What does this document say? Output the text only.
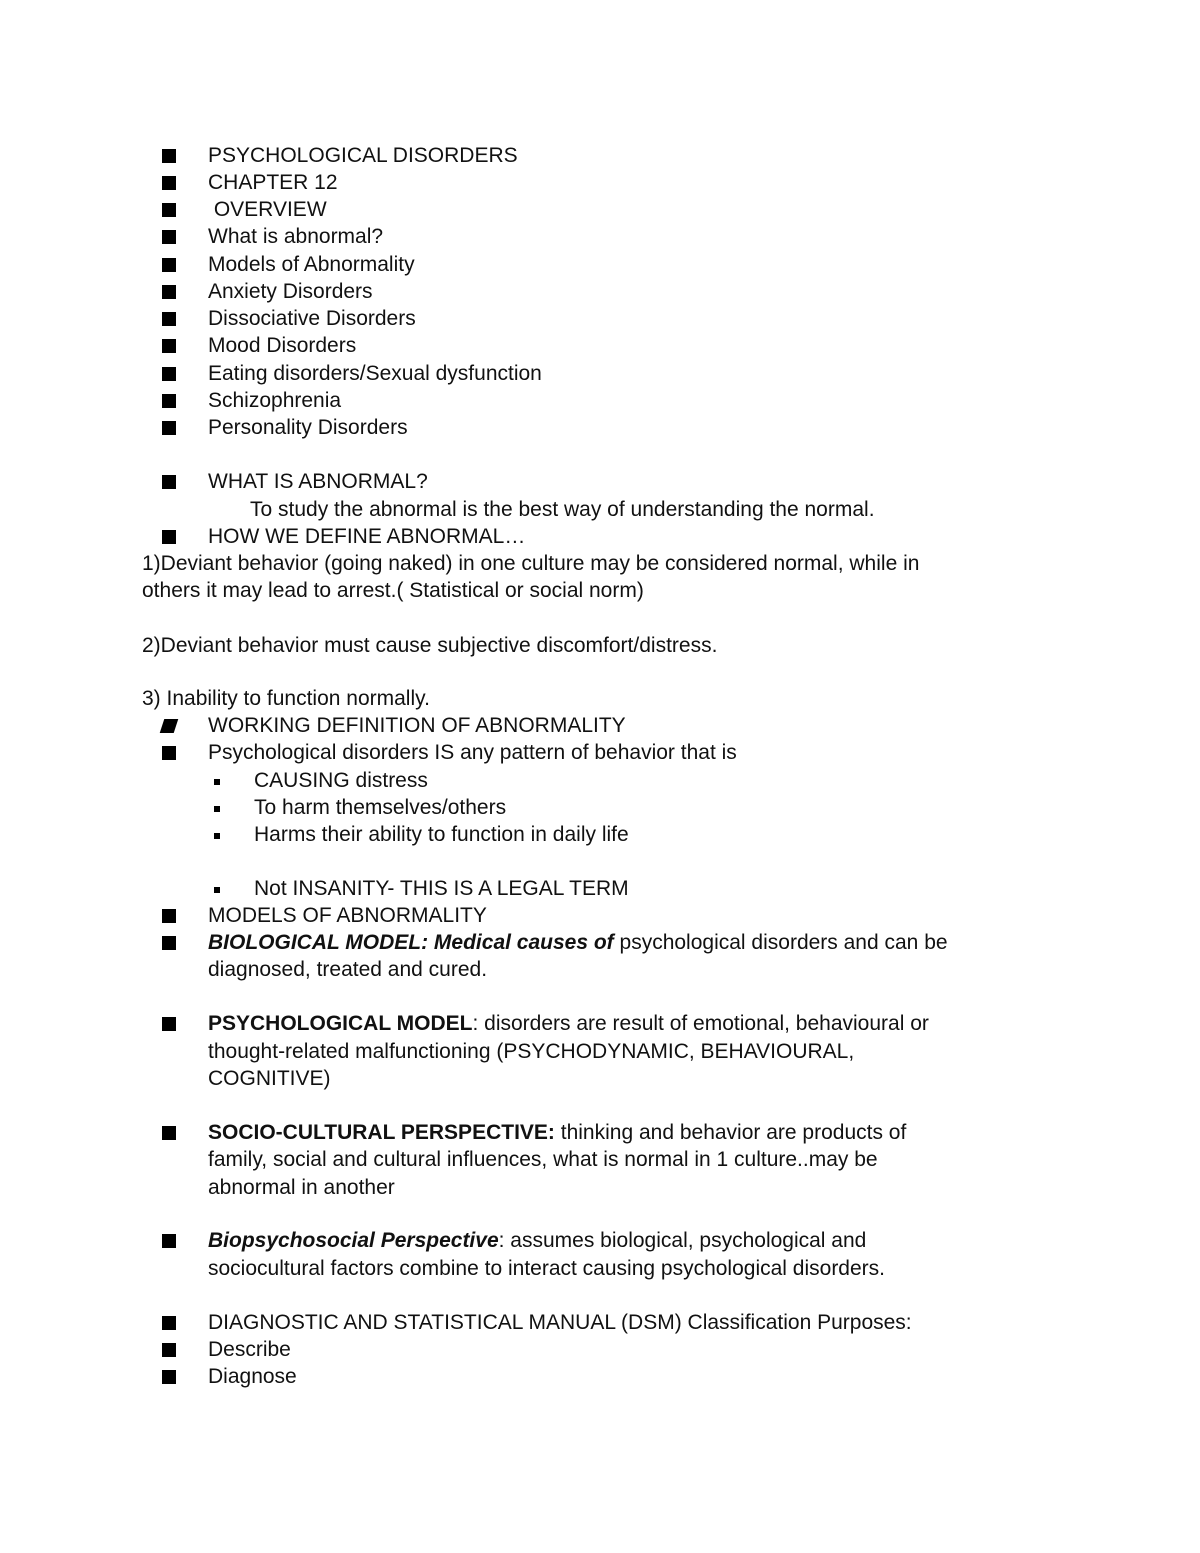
PSYCHOLOGICAL DISORDERS
CHAPTER 12
OVERVIEW
What is abnormal?
Models of Abnormality
Anxiety Disorders
Dissociative Disorders
Mood Disorders
Eating disorders/Sexual dysfunction
Schizophrenia
Personality Disorders
WHAT IS ABNORMAL?
To study the abnormal is the best way of understanding the normal.
HOW WE DEFINE ABNORMAL…
1)Deviant behavior (going naked) in one culture may be considered normal, while in
others it may lead to arrest.( Statistical or social norm)
2)Deviant behavior must cause subjective discomfort/distress.
3) Inability to function normally.
WORKING DEFINITION OF ABNORMALITY
Psychological disorders IS any pattern of behavior that is
CAUSING distress
To harm themselves/others
Harms their ability to function in daily life
Not INSANITY- THIS IS A LEGAL TERM
MODELS OF ABNORMALITY
BIOLOGICAL MODEL: Medical causes of psychological disorders and can be
diagnosed, treated and cured.
PSYCHOLOGICAL MODEL: disorders are result of emotional, behavioural or
thought-related malfunctioning (PSYCHODYNAMIC, BEHAVIOURAL,
COGNITIVE)
SOCIO-CULTURAL PERSPECTIVE: thinking and behavior are products of
family, social and cultural influences, what is normal in 1 culture..may be
abnormal in another
Biopsychosocial Perspective: assumes biological, psychological and
sociocultural factors combine to interact causing psychological disorders.
DIAGNOSTIC AND STATISTICAL MANUAL (DSM) Classification Purposes:
Describe
Diagnose
